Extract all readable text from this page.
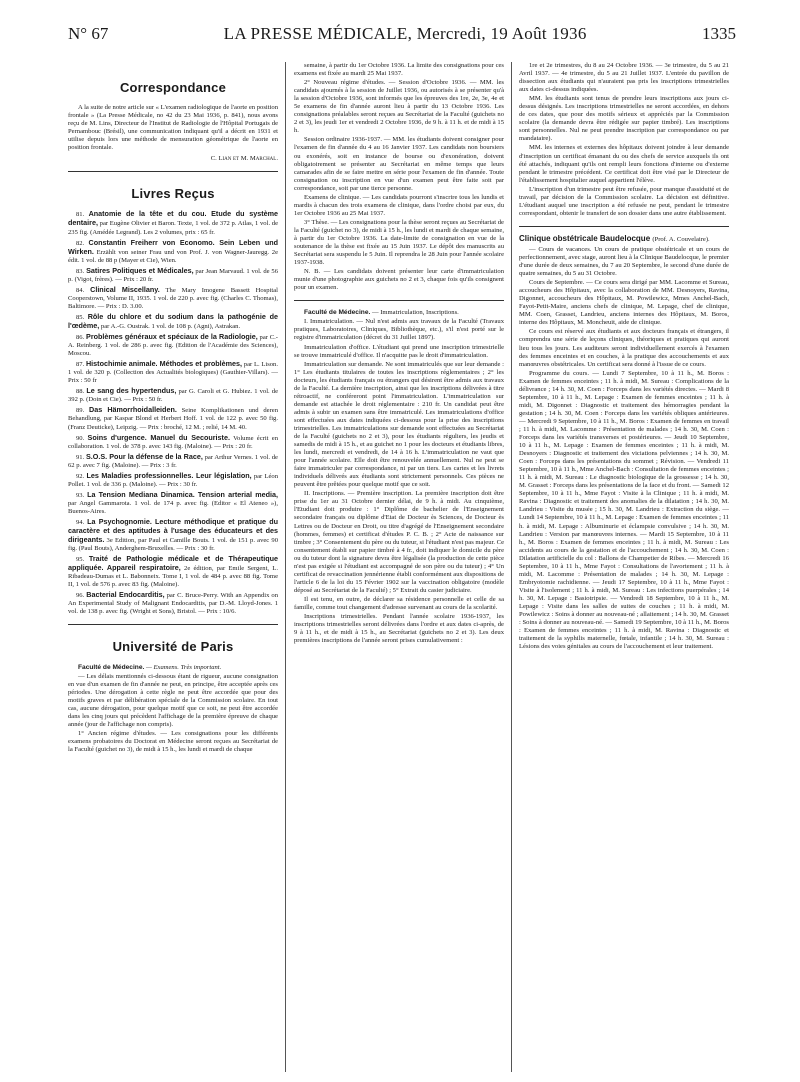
N° 67	LA PRESSE MÉDICALE, Mercredi, 19 Août 1936	1335
Correspondance

A la suite de notre article sur « L'examen radiologique de l'aorte en position frontale » (La Presse Médicale, no 42 du 23 Mai 1936, p. 841), nous avons reçu de M. Lins, Directeur de l'Institut de Radiologie de l'Hôpital Portugais de Pernambouc (Brésil), une communication indiquant qu'il a décrit en 1931 et utilise depuis lors une méthode de mensuration géométrique de l'aorte en position frontale.

C. Lian et M. Marchal.
Livres Reçus

81. Anatomie de la tête et du cou. Etude du système dentaire, par Eugène Olivier et Baron. Texte, 1 vol. de 372 p. Atlas, 1 vol. de 235 fig. (Amédée Legrand). Les 2 volumes, prix : 65 fr.

82. Constantin Freiherr von Economo. Sein Leben und Wirken. Erzählt von seiner Frau und von Prof. J. von Wagner-Jauregg. 2e édit. 1 vol. de 88 p (Mayer et Cie), Wien.

83. Satires Politiques et Médicales, par Jean Marvaud. 1 vol. de 56 p. (Vigot, frères). — Prix : 20 fr.

84. Clinical Miscellany. The Mary Imogene Bassett Hospital Cooperstown, Volume II, 1935. 1 vol. de 220 p. avec fig. (Charles C. Thomas), Baltimore. — Prix : D. 3.00.

85. Rôle du chlore et du sodium dans la pathogénie de l'œdème, par A.-G. Oustrak. 1 vol. de 108 p. (Agni), Astrakan.

86. Problèmes généraux et spéciaux de la Radiologie, par C.-A. Reinberg. 1 vol. de 286 p. avec fig. (Edition de l'Académie des Sciences), Moscou.

87. Histochimie animale. Méthodes et problèmes, par L. Lison. 1 vol. de 320 p. (Collection des Actualités biologiques) (Gauthier-Villars). — Prix : 50 fr

88. Le sang des hypertendus, par G. Caroli et G. Hubiez. 1 vol. de 392 p. (Doin et Cie). — Prix : 50 fr.

89. Das Hämorrhoidalleiden. Seine Komplikationen und deren Behandlung, par Kaspar Blond et Herbert Hoff. 1 vol. de 122 p. avec 50 fig. (Franz Deuticke), Leipzig. — Prix : broché, 12 M. ; relié, 14 M. 40.

90. Soins d'urgence. Manuel du Secouriste. Volume écrit en collaboration. 1 vol. de 378 p. avec 143 fig. (Maloine). — Prix : 20 fr.

91. S.O.S. Pour la défense de la Race, par Arthur Vernes. 1 vol. de 62 p. avec 7 fig. (Maloine). — Prix : 3 fr.

92. Les Maladies professionnelles. Leur législation, par Léon Pollet. 1 vol. de 336 p. (Maloine). — Prix : 30 fr.

93. La Tension Mediana Dinamica. Tension arterial media, par Angel Gammarota. 1 vol. de 174 p. avec fig. (Editor « El Ateneo »), Buenos-Aires.

94. La Psychognomie. Lecture méthodique et pratique du caractère et des aptitudes à l'usage des éducateurs et des dirigeants. 3e Edition, par Paul et Camille Bouts. 1 vol. de 151 p. avec 90 fig. (Paul Bouts), Anderghem-Bruxelles. — Prix : 30 fr.

95. Traité de Pathologie médicale et de Thérapeutique appliquée. Appareil respiratoire, 2e édition, par Emile Sergent, L. Ribadeau-Dumas et L. Babonneix. Tome I, 1 vol. de 484 p. avec 88 fig. Tome II, 1 vol. de 576 p. avec 83 fig. (Maloine).

96. Bacterial Endocarditis, par C. Bruce-Perry. With an Appendix on An Experimental Study of Malignant Endocarditis, par D.-M. Lloyd-Jones. 1 vol. de 138 p. avec fig. (Wright et Sons), Bristol. — Prix : 10/6.

Université de Paris

Faculté de Médecine. — Examens. Très important.

— Les délais mentionnés ci-dessous étant de rigueur, aucune consignation en vue d'un examen de fin d'année ne peut, en principe, être acceptée après ces périodes. Une dérogation à cette règle ne peut être accordée que pour des motifs graves et par délibération spéciale de la Commission scolaire. En tout cas, aucune dérogation, pour quelque motif que ce soit, ne peut être accordée dans les cinq jours qui précèdent l'affichage de la première épreuve de chaque année (jour de l'affichage non compris).

1° Ancien régime d'études. — Les consignations pour les différents examens probatoires du Doctorat en Médecine seront reçues au Secrétariat de la Faculté (guichet no 3), de midi à 15 h., les lundi et mardi de chaque

semaine, à partir du 1er Octobre 1936. La limite des consignations pour ces examens est fixée au mardi 25 Mai 1937.

2° Nouveau régime d'études. — Session d'Octobre 1936. — MM. les candidats ajournés à la session de Juillet 1936, ou autorisés à se présenter qu'à la session d'Octobre 1936, sont informés que les épreuves des 1re, 2e, 3e, 4e et 5e examens de fin d'année auront lieu à partir du 13 Octobre 1936. Les consignations préalables seront reçues au Secrétariat de la Faculté (guichets no 2 et 3), les jeudi 1er et vendredi 2 Octobre 1936, de 9 h. à 11 h. et de midi à 15 h.

Session ordinaire 1936-1937. — MM. les étudiants doivent consigner pour l'examen de fin d'année du 4 au 16 Janvier 1937. Les candidats non boursiers ou exonérés, soit en instance de bourse ou d'exonération, doivent obligatoirement se présenter au Secrétariat en même temps que leurs camarades afin de se faire mettre en série pour l'examen de fin d'année. Toute consignation ou inscription en vue d'un examen peut être faite soit par correspondance, soit par une tierce personne.

Examens de clinique. — Les candidats pourront s'inscrire tous les lundis et mardis à chacun des trois examens de clinique, dans l'ordre choisi par eux, du 1er Octobre 1936 au 25 Mai 1937.

3° Thèse. — Les consignations pour la thèse seront reçues au Secrétariat de la Faculté (guichet no 3), de midi à 15 h., les lundi et mardi de chaque semaine, à partir du 1er Octobre 1936. La date-limite de consignation en vue de la soutenance de la thèse est fixée au 15 Juin 1937. Le dépôt des manuscrits au Secrétariat sera suspendu le 5 Juin. Il reprendra le 28 Juin pour l'année scolaire 1937-1938.

N. B. — Les candidats doivent présenter leur carte d'immatriculation munie d'une photographie aux guichets no 2 et 3, chaque fois qu'ils consignent pour un examen.

Faculté de Médecine. — Immatriculation, Inscriptions.

I. Immatriculation. — Nul n'est admis aux travaux de la Faculté (Travaux pratiques, Laboratoires, Cliniques, Bibliothèque, etc.), s'il n'est porté sur le registre d'immatriculation (décret du 31 Juillet 1897).

Immatriculation d'office. L'étudiant qui prend une inscription trimestrielle se trouve immatriculé d'office. Il n'acquitte pas le droit d'immatriculation.

Immatriculation sur demande. Ne sont immatriculés que sur leur demande : 1° Les étudiants titulaires de toutes les inscriptions réglementaires ; 2° les docteurs, les étudiants français ou étrangers qui désirent être admis aux travaux de la Faculté. La dernière inscription, ainsi que les inscriptions délivrées à titre rétroactif, ne conféreront point l'immatriculation. L'immatriculation sur demande est attachée le droit réglementaire : 210 fr. Un candidat peut être admis à subir un examen sans être immatriculé. Les immatriculations d'office sont effectuées aux dates indiquées ci-dessous pour la prise des inscriptions trimestrielles. Les immatriculations sur demande sont effectuées au Secrétariat de la Faculté (guichets no 2 et 3), pour les étudiants réguliers, les jeudis et samedis de midi à 15 h., et au guichet no 1 pour les docteurs et étudiants libres, les lundi, mercredi et vendredi, de 14 à 16 h. L'immatriculation ne vaut que pour l'année scolaire. Elle doit être renouvelée annuellement. Nul ne peut se faire immatriculer par correspondance, ni par un tiers. Les cartes et les livrets individuels délivrés aux étudiants sont strictement personnels. Ces pièces ne peuvent être prêtées pour quelque motif que ce soit.

II. Inscriptions. — Première inscription. La première inscription doit être prise du 1er au 31 Octobre dernier délai, de 9 h. à midi. Au cinquième, l'Etudiant doit produire : 1° Diplôme de bachelier de l'Enseignement secondaire français ou diplôme d'Etat de Docteur ès Sciences, de Docteur ès Lettres ou de Docteur en Droit, ou titre d'agrégé de l'Enseignement secondaire (hommes, femmes) et certificat d'études P. C. B. ; 2° Acte de naissance sur timbre ; 3° Consentement du père ou du tuteur, si l'étudiant n'est pas majeur. Ce consentement établi sur papier timbré à 4 fr., doit indiquer le domicile du père ou du tuteur dont la signature devra être légalisée (la production de cette pièce n'est pas exigée si l'étudiant est accompagné de son père ou du tuteur) ; 4° Un certificat de revaccination jennérienne établi conformément aux dispositions de l'article 6 de la loi du 15 Février 1902 sur la vaccination obligatoire (modèle déposé au Secrétariat de la Faculté) ; 5° Extrait du casier judiciaire.

Il est tenu, en outre, de déclarer sa résidence personnelle et celle de sa famille, comme tout changement d'adresse survenant au cours de la scolarité.

Inscriptions trimestrielles. Pendant l'année scolaire 1936-1937, les inscriptions trimestrielles seront délivrées dans l'ordre et aux dates ci-après, de 9 à 11 h., et de midi à 15 h., au Secrétariat (guichets no 2 et 3). Les deux premières inscriptions de l'année seront prises cumulativement :

1re et 2e trimestres, du 8 au 24 Octobre 1936. — 3e trimestre, du 5 au 21 Avril 1937. — 4e trimestre, du 5 au 21 Juillet 1937. L'entrée du pavillon de dissection aux étudiants qui n'auraient pas pris les inscriptions trimestrielles aux dates ci-dessus indiquées.

MM. les étudiants sont tenus de prendre leurs inscriptions aux jours ci-dessus désignés. Les inscriptions trimestrielles ne seront accordées, en dehors de ces dates, que pour des motifs sérieux et appréciés par la Commission scolaire (la demande devra être rédigée sur papier timbré). Les inscriptions sont personnelles. Nul ne peut prendre inscription par correspondance ou par mandataire).

MM. les internes et externes des hôpitaux doivent joindre à leur demande d'inscription un certificat émanant du ou des chefs de service auxquels ils ont été attachés, indiquant qu'ils ont rempli leurs fonctions d'interne ou d'externe pendant le trimestre précédent. Ce certificat doit être visé par le Directeur de l'établissement hospitalier auquel appartient l'élève.

L'inscription d'un trimestre peut être refusée, pour manque d'assiduité et de travail, par décision de la Commission scolaire. La décision est définitive. L'étudiant auquel une inscription a été refusée ne peut, pendant le trimestre correspondant, obtenir le transfert de son dossier dans une autre établissement.

Clinique obstétricale Baudelocque (Prof. A. Couvelaire).

— Cours de vacances. Un cours de pratique obstétricale et un cours de perfectionnement, avec stage, auront lieu à la Clinique Baudelocque, le premier d'une durée de deux semaines, du 7 au 20 Septembre, le second d'une durée de quatre semaines, du 5 au 31 Octobre.

Cours de Septembre. — Ce cours sera dirigé par MM. Lacomme et Sureau, accoucheurs des Hôpitaux, avec la collaboration de MM. Desnoyers, Ravina, Digonnet, accoucheurs des Hôpitaux, M. Powilewicz, Mmes Anchel-Bach, Fayot-Petit-Maire, anciens chefs de clinique, M. Lepage, chef de clinique, MM. Coen, Grasset, Landrieu, anciens internes des Hôpitaux, M. Boros, interne des Hôpitaux, M. Moncheuit, aide de clinique.

Ce cours est réservé aux étudiants et aux docteurs français et étrangers, il comprendra une série de leçons cliniques, théoriques et pratiques qui auront lieu tous les jours. Les auditeurs seront individuellement exercés à l'examen des femmes enceintes et en couches, à la pratique des accouchements et aux manœuvres obstétricales. Un certificat sera donné à l'issue de ce cours.

Programme du cours. — Lundi 7 Septembre, 10 à 11 h., M. Boros : Examen de femmes enceintes ; 11 h. à midi, M. Sureau : Complications de la délivrance ; 14 h. 30, M. Coen : Forceps dans les variétés directes. — Mardi 8 Septembre, 10 à 11 h., M. Lepage : Examen de femmes enceintes ; 11 h. à midi, M. Digonnet : Diagnostic et traitement des hémorragies pendant la gestation ; 14 h. 30, M. Coen : Forceps dans les variétés obliques antérieures. — Mercredi 9 Septembre, 10 à 11 h., M. Boros : Examen de femmes en travail ; 11 h. à midi, M. Lacomme : Présentation de malades ; 14 h. 30, M. Coen : Forceps dans les variétés transverses et postérieures. — Jeudi 10 Septembre, 10 à 11 h., M. Lepage : Examen de femmes enceintes ; 11 h. à midi, M. Desnoyers : Diagnostic et traitement des viciations pelviennes ; 14 h. 30, M. Coen : Forceps dans les présentations du sommet ; Révision. — Vendredi 11 Septembre, 10 à 11 h., Mme Anchel-Bach : Consultation de femmes enceintes ; 11 h. à midi, M. Sureau : Le diagnostic biologique de la grossesse ; 14 h. 30, M. Grasset : Forceps dans les présentations de la face et du front. — Samedi 12 Septembre, 10 à 11 h., Mme Fayot : Visite à la Clinique ; 11 h. à midi, M. Ravina : Diagnostic et traitement des anomalies de la dilatation ; 14 h. 30, M. Landrieu : Visite du musée ; 15 h. 30, M. Landrieu : Extraction du siège. — Lundi 14 Septembre, 10 à 11 h., M. Lepage : Examen de femmes enceintes ; 11 h. à midi, M. Lepage : Albuminurie et éclampsie convulsive ; 14 h. 30, M. Landrieu : Version par manœuvres internes. — Mardi 15 Septembre, 10 à 11 h., M. Boros : Examen de femmes enceintes ; 11 h. à midi, M. Sureau : Les accidents au cours de la gestation et de l'accouchement ; 14 h. 30, M. Coen : Dilatation artificielle du col : Ballons de Champetier de Ribes. — Mercredi 16 Septembre, 10 à 11 h., Mme Fayot : Consultations de l'avortement ; 11 h. à midi, M. Lacomme : Présentation de malades ; 14 h. 30, M. Lepage : Embryotomie rachidienne. — Jeudi 17 Septembre, 10 à 11 h., Mme Fayot : Visite à l'isolement ; 11 h. à midi, M. Sureau : Les infections puerpérales ; 14 h. 30, M. Lepage : Basiotripsie. — Vendredi 18 Septembre, 10 à 11 h., M. Lepage : Visite dans les salles de suites de couches ; 11 h. à midi, M. Powilewicz : Soins à donner au nouveau-né ; allaitement ; 14 h. 30, M. Grasset : Soins à donner au nouveau-né. — Samedi 19 Septembre, 10 à 11 h., M. Boros : Examen de femmes enceintes ; 11 h. à midi, M. Ravina : Diagnostic et traitement de la syphilis maternelle, fœtale, infantile ; 14 h. 30, M. Sureau : Lésions des voies génitales au cours de l'accouchement et leur traitement.
